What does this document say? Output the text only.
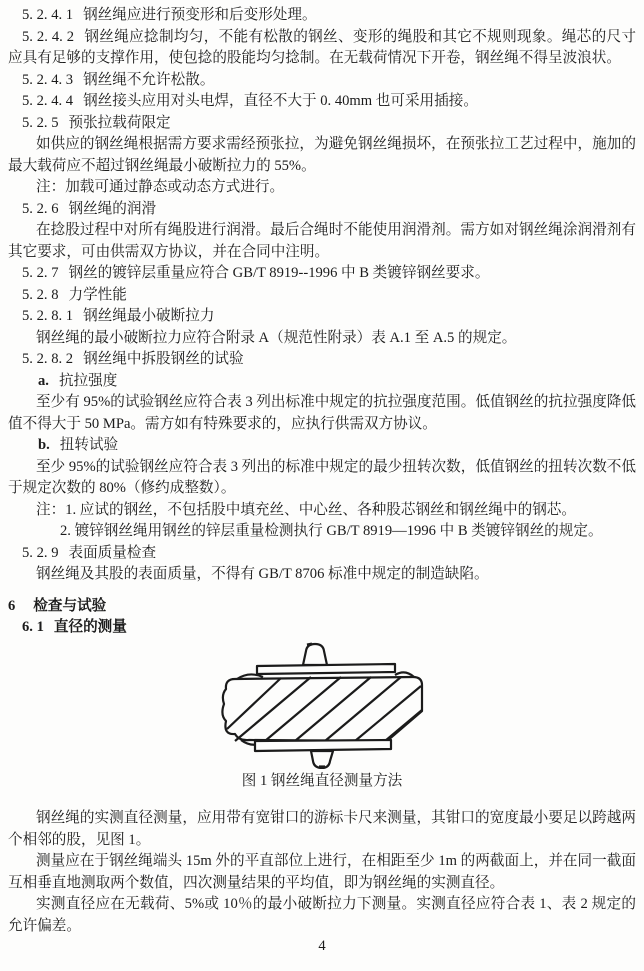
5. 2. 4. 1 钢丝绳应进行预变形和后变形处理。

5. 2. 4. 2 钢丝绳应捻制均匀，不能有松散的钢丝、变形的绳股和其它不规则现象。绳芯的尺寸应具有足够的支撑作用，使包捻的股能均匀捻制。在无载荷情况下开卷，钢丝绳不得呈波浪状。

5. 2. 4. 3 钢丝绳不允许松散。

5. 2. 4. 4 钢丝接头应用对头电焊，直径不大于 0. 40mm 也可采用插接。

5. 2. 5 预张拉载荷限定

如供应的钢丝绳根据需方要求需经预张拉，为避免钢丝绳损坏，在预张拉工艺过程中，施加的最大载荷应不超过钢丝绳最小破断拉力的 55%。

注：加载可通过静态或动态方式进行。

5. 2. 6 钢丝绳的润滑

在捻股过程中对所有绳股进行润滑。最后合绳时不能使用润滑剂。需方如对钢丝绳涂润滑剂有其它要求，可由供需双方协议，并在合同中注明。

5. 2. 7 钢丝的镀锌层重量应符合 GB/T 8919--1996 中 B 类镀锌钢丝要求。

5. 2. 8 力学性能

5. 2. 8. 1 钢丝绳最小破断拉力

钢丝绳的最小破断拉力应符合附录 A（规范性附录）表 A.1 至 A.5 的规定。

5. 2. 8. 2 钢丝绳中拆股钢丝的试验

a. 抗拉强度

至少有 95%的试验钢丝应符合表 3 列出标准中规定的抗拉强度范围。低值钢丝的抗拉强度降低值不得大于 50 MPa。需方如有特殊要求的，应执行供需双方协议。

b. 扭转试验

至少 95%的试验钢丝应符合表 3 列出的标准中规定的最少扭转次数，低值钢丝的扭转次数不低于规定次数的 80%（修约成整数）。

注：1. 应试的钢丝，不包括股中填充丝、中心丝、各种股芯钢丝和钢丝绳中的钢芯。

2. 镀锌钢丝绳用钢丝的锌层重量检测执行 GB/T 8919—1996 中 B 类镀锌钢丝的规定。

5. 2. 9 表面质量检查

钢丝绳及其股的表面质量，不得有 GB/T 8706 标准中规定的制造缺陷。

6 检查与试验

6. 1 直径的测量

图 1 钢丝绳直径测量方法

钢丝绳的实测直径测量，应用带有宽钳口的游标卡尺来测量，其钳口的宽度最小要足以跨越两个相邻的股，见图 1。

测量应在于钢丝绳端头 15m 外的平直部位上进行，在相距至少 1m 的两截面上，并在同一截面互相垂直地测取两个数值，四次测量结果的平均值，即为钢丝绳的实测直径。

实测直径应在无载荷、5%或 10％的最小破断拉力下测量。实测直径应符合表 1、表 2 规定的允许偏差。

4
